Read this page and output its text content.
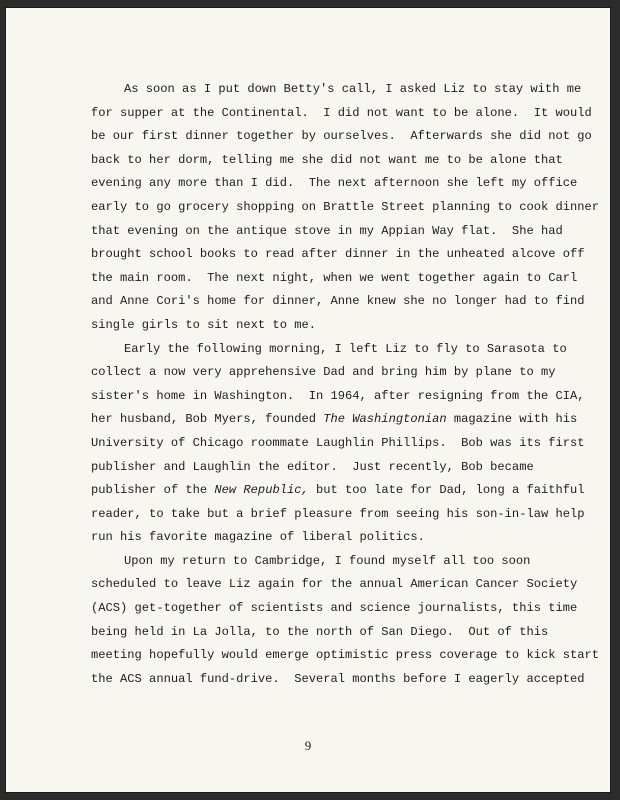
As soon as I put down Betty's call, I asked Liz to stay with me
for supper at the Continental.  I did not want to be alone.  It would
be our first dinner together by ourselves.  Afterwards she did not go
back to her dorm, telling me she did not want me to be alone that
evening any more than I did.  The next afternoon she left my office
early to go grocery shopping on Brattle Street planning to cook dinner
that evening on the antique stove in my Appian Way flat.  She had
brought school books to read after dinner in the unheated alcove off
the main room.  The next night, when we went together again to Carl
and Anne Cori's home for dinner, Anne knew she no longer had to find
single girls to sit next to me.
Early the following morning, I left Liz to fly to Sarasota to
collect a now very apprehensive Dad and bring him by plane to my
sister's home in Washington.  In 1964, after resigning from the CIA,
her husband, Bob Myers, founded The Washingtonian magazine with his
University of Chicago roommate Laughlin Phillips.  Bob was its first
publisher and Laughlin the editor.  Just recently, Bob became
publisher of the New Republic, but too late for Dad, long a faithful
reader, to take but a brief pleasure from seeing his son-in-law help
run his favorite magazine of liberal politics.
Upon my return to Cambridge, I found myself all too soon
scheduled to leave Liz again for the annual American Cancer Society
(ACS) get-together of scientists and science journalists, this time
being held in La Jolla, to the north of San Diego.  Out of this
meeting hopefully would emerge optimistic press coverage to kick start
the ACS annual fund-drive.  Several months before I eagerly accepted
9
